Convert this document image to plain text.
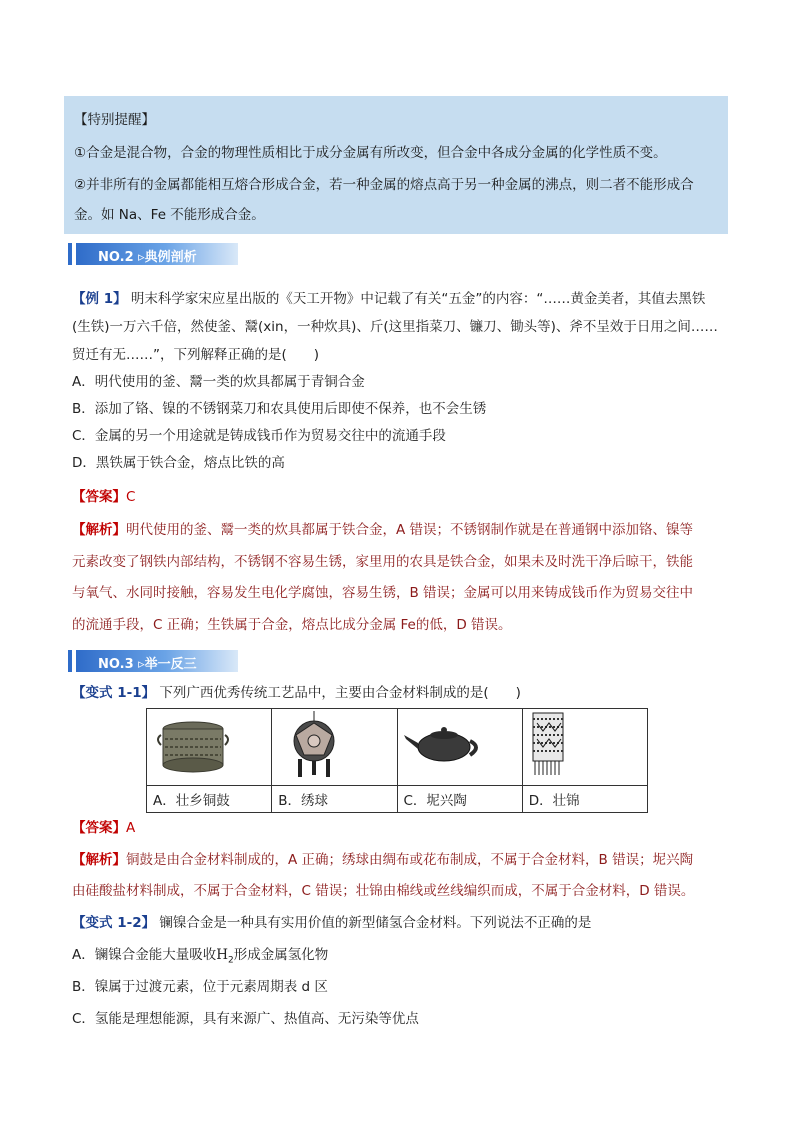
【特别提醒】
①合金是混合物，合金的物理性质相比于成分金属有所改变，但合金中各成分金属的化学性质不变。
②并非所有的金属都能相互熔合形成合金，若一种金属的熔点高于另一种金属的沸点，则二者不能形成合
金。如 Na、Fe 不能形成合金。
NO.2 ▹典例剖析
【例 1】 明末科学家宋应星出版的《天工开物》中记载了有关“五金”的内容：“……黄金美者，其值去黑铁
(生铁)一万六千倍，然使釜、鬵(xin，一种炊具)、斤(这里指菜刀、镰刀、锄头等)、斧不呈效于日用之间……
贸迁有无……”，下列解释正确的是(　　)
A．明代使用的釜、鬵一类的炊具都属于青铜合金
B．添加了铬、镍的不锈钢菜刀和农具使用后即使不保养，也不会生锈
C．金属的另一个用途就是铸成钱币作为贸易交往中的流通手段
D．黑铁属于铁合金，熔点比铁的高
【答案】C
【解析】明代使用的釜、鬵一类的炊具都属于铁合金，A 错误；不锈钢制作就是在普通钢中添加铬、镍等
元素改变了钢铁内部结构，不锈钢不容易生锈，家里用的农具是铁合金，如果未及时洗干净后晾干，铁能
与氧气、水同时接触，容易发生电化学腐蚀，容易生锈，B 错误；金属可以用来铸成钱币作为贸易交往中
的流通手段，C 正确；生铁属于合金，熔点比成分金属 Fe的低，D 错误。
NO.3 ▹举一反三
【变式 1-1】 下列广西优秀传统工艺品中，主要由合金材料制成的是(　　)

A．壮乡铜鼓	B．绣球	C．坭兴陶	D．壮锦
【答案】A
【解析】铜鼓是由合金材料制成的，A 正确；绣球由绸布或花布制成，不属于合金材料，B 错误；坭兴陶
由硅酸盐材料制成，不属于合金材料，C 错误；壮锦由棉线或丝线编织而成，不属于合金材料，D 错误。
【变式 1-2】 镧镍合金是一种具有实用价值的新型储氢合金材料。下列说法不正确的是
A．镧镍合金能大量吸收$H_2$形成金属氢化物
B．镍属于过渡元素，位于元素周期表 d 区
C．氢能是理想能源，具有来源广、热值高、无污染等优点
